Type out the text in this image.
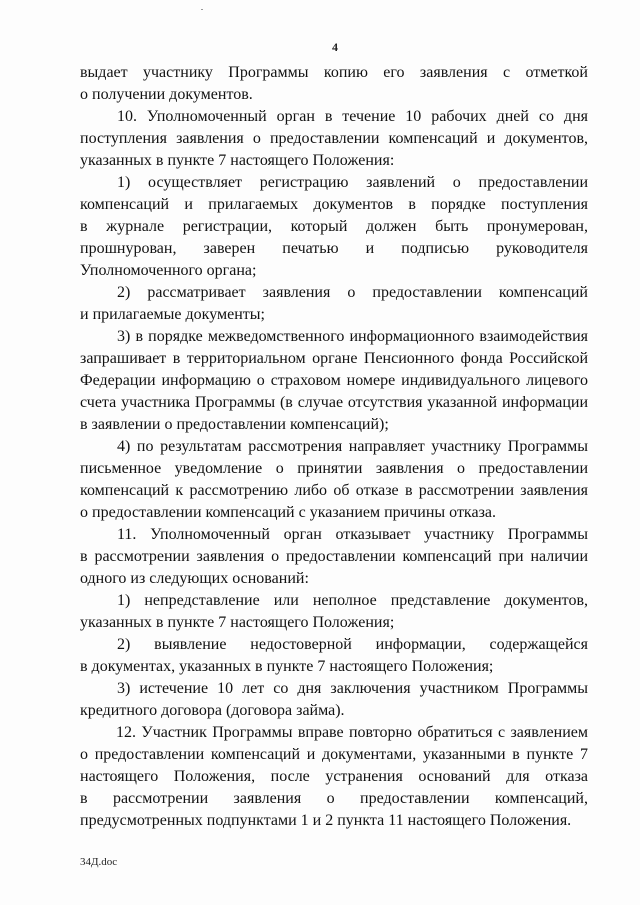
4
выдает участнику Программы копию его заявления с отметкой
о получении документов.
10. Уполномоченный орган в течение 10 рабочих дней со дня
поступления заявления о предоставлении компенсаций и документов,
указанных в пункте 7 настоящего Положения:
1) осуществляет регистрацию заявлений о предоставлении
компенсаций и прилагаемых документов в порядке поступления
в журнале регистрации, который должен быть пронумерован,
прошнурован, заверен печатью и подписью руководителя
Уполномоченного органа;
2) рассматривает заявления о предоставлении компенсаций
и прилагаемые документы;
3) в порядке межведомственного информационного взаимодействия
запрашивает в территориальном органе Пенсионного фонда Российской
Федерации информацию о страховом номере индивидуального лицевого
счета участника Программы (в случае отсутствия указанной информации
в заявлении о предоставлении компенсаций);
4) по результатам рассмотрения направляет участнику Программы
письменное уведомление о принятии заявления о предоставлении
компенсаций к рассмотрению либо об отказе в рассмотрении заявления
о предоставлении компенсаций с указанием причины отказа.
11. Уполномоченный орган отказывает участнику Программы
в рассмотрении заявления о предоставлении компенсаций при наличии
одного из следующих оснований:
1) непредставление или неполное представление документов,
указанных в пункте 7 настоящего Положения;
2) выявление недостоверной информации, содержащейся
в документах, указанных в пункте 7 настоящего Положения;
3) истечение 10 лет со дня заключения участником Программы
кредитного договора (договора займа).
12. Участник Программы вправе повторно обратиться с заявлением
о предоставлении компенсаций и документами, указанными в пункте 7
настоящего Положения, после устранения оснований для отказа
в рассмотрении заявления о предоставлении компенсаций,
предусмотренных подпунктами 1 и 2 пункта 11 настоящего Положения.
34Д.doc
